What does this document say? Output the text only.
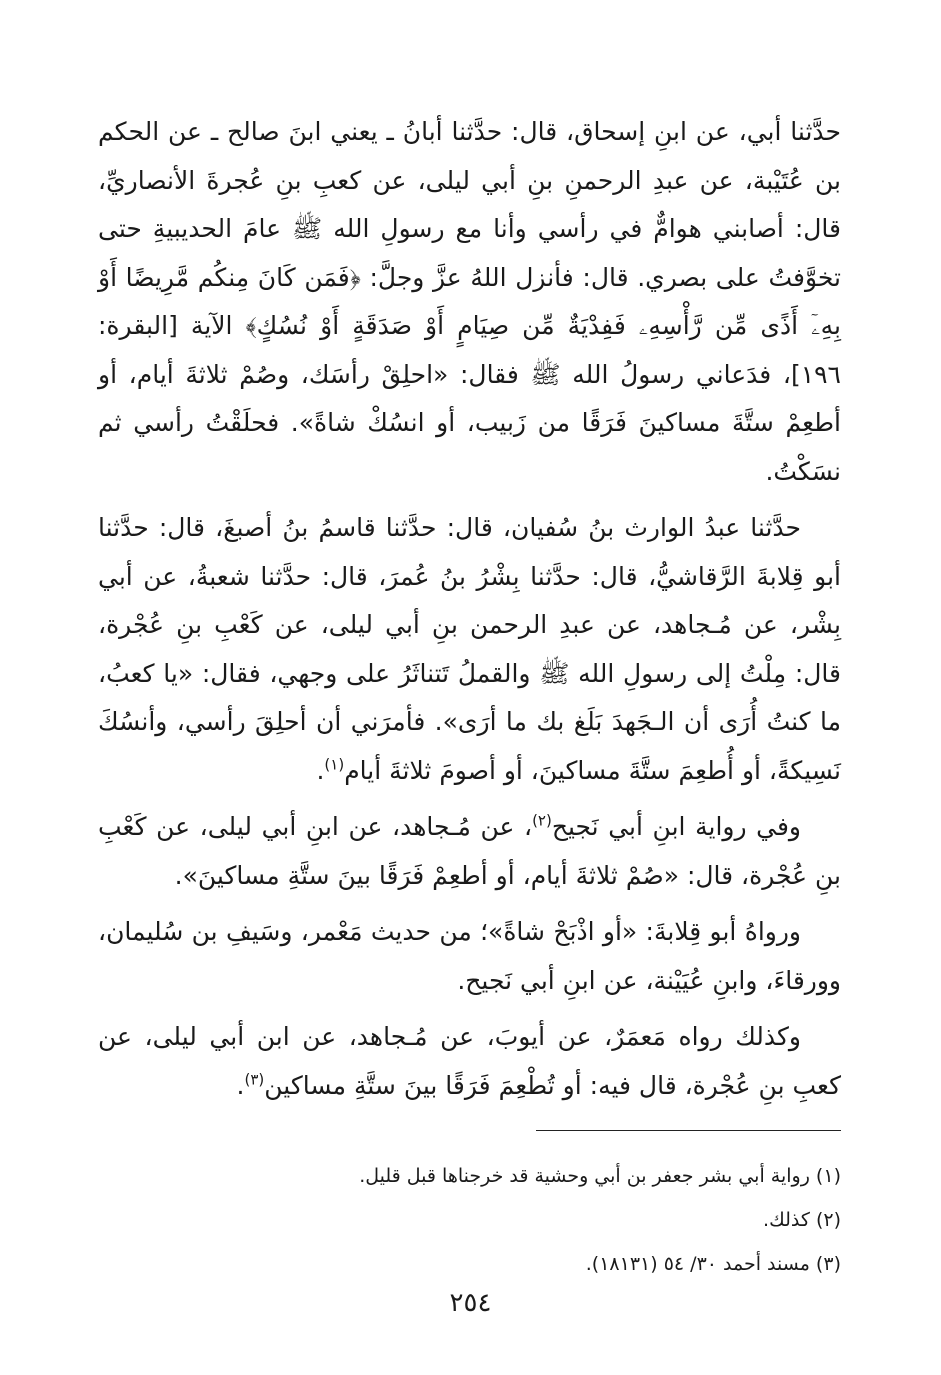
حدَّثنا أبي، عن ابنِ إسحاق، قال: حدَّثنا أبانُ ـ يعني ابنَ صالح ـ عن الحكم بن عُتَيْبة، عن عبدِ الرحمنِ بنِ أبي ليلى، عن كعبِ بنِ عُجرةَ الأنصاريِّ، قال: أصابني هوامٌّ في رأسي وأنا مع رسولِ الله ﷺ عامَ الحديبيةِ حتى تخوَّفتُ على بصري. قال: فأنزل اللهُ عزَّ وجلَّ: ﴿فَمَن كَانَ مِنكُم مَّرِيضًا أَوْ بِهِۦٓ أَذًى مِّن رَّأْسِهِۦ فَفِدْيَةٌ مِّن صِيَامٍ أَوْ صَدَقَةٍ أَوْ نُسُكٍ﴾ الآية [البقرة: ١٩٦]، فدَعاني رسولُ الله ﷺ فقال: «احلِقْ رأسَك، وصُمْ ثلاثةَ أيام، أو أطعِمْ ستَّةَ مساكينَ فَرَقًا من زَبيب، أو انسُكْ شاةً». فحلَقْتُ رأسي ثم نسَكْتُ.

حدَّثنا عبدُ الوارث بنُ سُفيان، قال: حدَّثنا قاسمُ بنُ أصبغَ، قال: حدَّثنا أبو قِلابةَ الرَّقاشيُّ، قال: حدَّثنا بِشْرُ بنُ عُمرَ، قال: حدَّثنا شعبةُ، عن أبي بِشْر، عن مُـجاهد، عن عبدِ الرحمن بنِ أبي ليلى، عن كَعْبِ بنِ عُجْرة، قال: مِلْتُ إلى رسولِ الله ﷺ والقملُ تَتناثَرُ على وجهي، فقال: «يا كعبُ، ما كنتُ أُرَى أن الـجَهدَ بَلَغ بك ما أرَى». فأمرَني أن أحلِقَ رأسي، وأنسُكَ نَسِيكةً، أو أُطعِمَ ستَّةَ مساكينَ، أو أصومَ ثلاثةَ أيام$^{(١)}$.

وفي رواية ابنِ أبي نَجيح$^{(٢)}$، عن مُـجاهد، عن ابنِ أبي ليلى، عن كَعْبِ بنِ عُجْرة، قال: «صُمْ ثلاثةَ أيام، أو أطعِمْ فَرَقًا بينَ ستَّةِ مساكينَ».

ورواهُ أبو قِلابةَ: «أو اذْبَحْ شاةً»؛ من حديث مَعْمر، وسَيفِ بن سُليمان، وورقاءَ، وابنِ عُيَيْنة، عن ابنِ أبي نَجيح.

وكذلك رواه مَعمَرٌ، عن أيوبَ، عن مُـجاهد، عن ابن أبي ليلى، عن كعبِ بنِ عُجْرة، قال فيه: أو تُطْعِمَ فَرَقًا بينَ ستَّةِ مساكين$^{(٣)}$.

(١) رواية أبي بشر جعفر بن أبي وحشية قد خرجناها قبل قليل.

(٢) كذلك.

(٣) مسند أحمد ٣٠/ ٥٤ (١٨١٣١).

٢٥٤
